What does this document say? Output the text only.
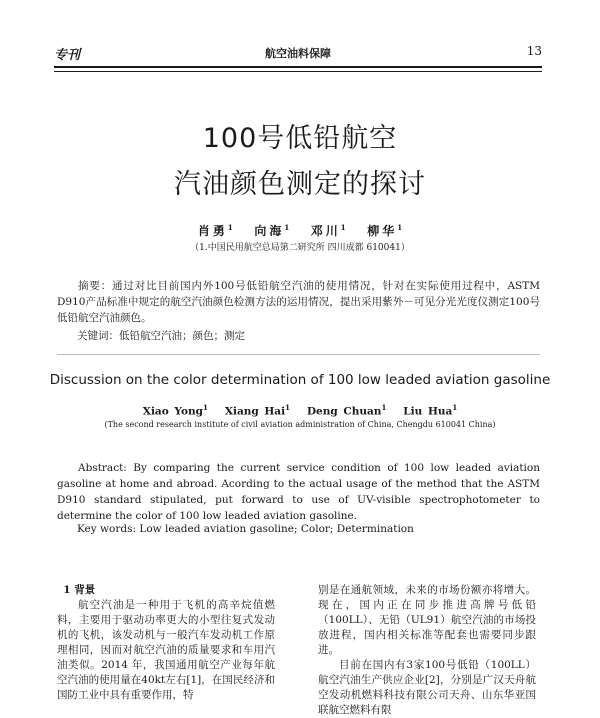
专刊	航空油料保障	13
100号低铅航空
汽油颜色测定的探讨
肖勇$^1$ 向海$^1$ 邓川$^1$ 柳华$^1$
（1.中国民用航空总局第二研究所 四川成都 610041）

摘要：通过对比目前国内外100号低铅航空汽油的使用情况，针对在实际使用过程中，ASTM D910产品标准中规定的航空汽油颜色检测方法的运用情况，提出采用紫外－可见分光光度仪测定100号低铅航空汽油颜色。

关键词：低铅航空汽油；颜色；测定

Discussion on the color determination of 100 low leaded aviation gasoline
Xiao Yong$^1$ Xiang Hai$^1$ Deng Chuan$^1$ Liu Hua$^1$
(The second research institute of civil aviation administration of China, Chengdu 610041 China)

Abstract: By comparing the current service condition of 100 low leaded aviation gasoline at home and abroad. Acording to the actual usage of the method that the ASTM D910 standard stipulated, put forward to use of UV-visible spectrophotometer to determine the color of 100 low leaded aviation gasoline.

Key words: Low leaded aviation gasoline; Color; Determination

1 背景

航空汽油是一种用于飞机的高辛烷值燃料，主要用于驱动功率更大的小型往复式发动机的飞机，该发动机与一般汽车发动机工作原理相同，因而对航空汽油的质量要求和车用汽油类似。2014 年，我国通用航空产业每年航空汽油的使用量在40kt左右[1]，在国民经济和国防工业中具有重要作用，特

别是在通航领域，未来的市场份额亦将增大。现在，国内正在同步推进高牌号低铅（100LL）、无铅（UL91）航空汽油的市场投放进程，国内相关标准等配套也需要同步跟进。

目前在国内有3家100号低铅（100LL）航空汽油生产供应企业[2]，分别是广汉天舟航空发动机燃料科技有限公司天舟、山东华亚国联航空燃料有限
